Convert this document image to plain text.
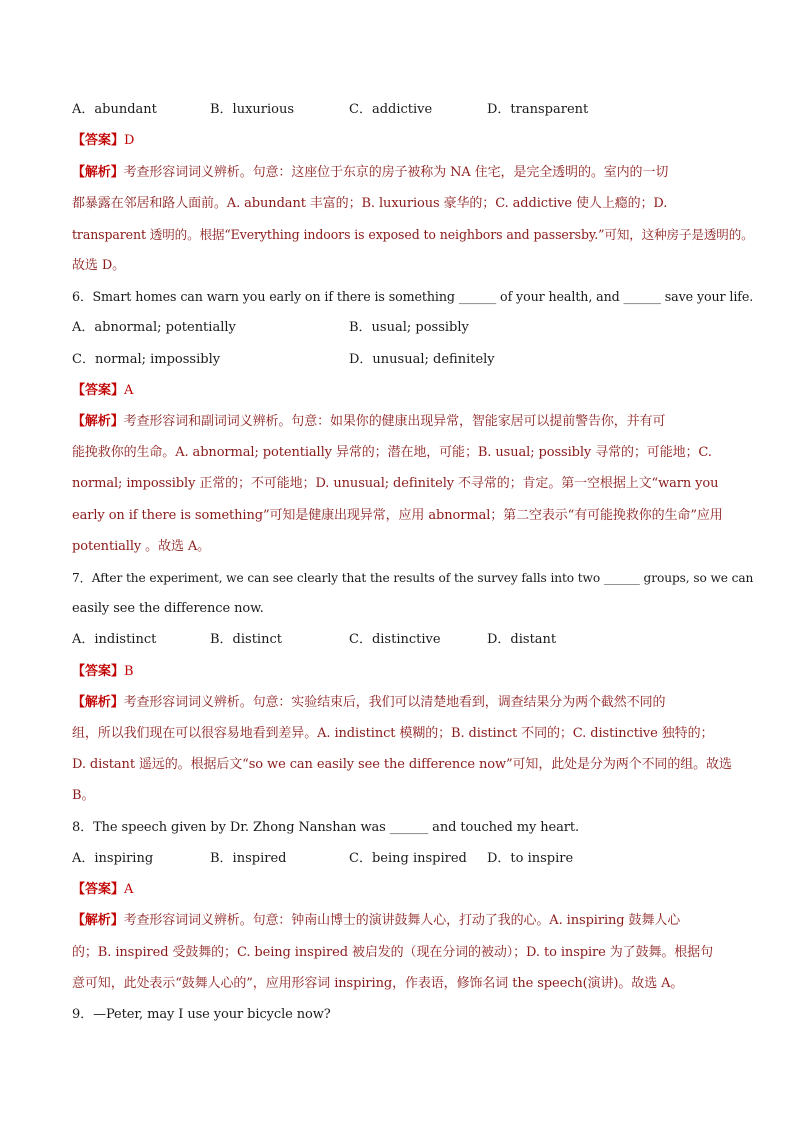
A．abundant	B．luxurious	C．addictive	D．transparent
【答案】D
【解析】考查形容词词义辨析。句意：这座位于东京的房子被称为 NA 住宅，是完全透明的。室内的一切
都暴露在邻居和路人面前。A. abundant 丰富的；B. luxurious 豪华的；C. addictive 使人上瘾的；D.
transparent 透明的。根据“Everything indoors is exposed to neighbors and passersby.”可知，这种房子是透明的。
故选 D。
6．Smart homes can warn you early on if there is something ______ of your health, and ______ save your life.
A．abnormal; potentially	B．usual; possibly
C．normal; impossibly	D．unusual; definitely
【答案】A
【解析】考查形容词和副词词义辨析。句意：如果你的健康出现异常，智能家居可以提前警告你，并有可
能挽救你的生命。A. abnormal; potentially 异常的；潜在地，可能；B. usual; possibly 寻常的；可能地；C.
normal; impossibly 正常的；不可能地；D. unusual; definitely 不寻常的；肯定。第一空根据上文“warn you
early on if there is something”可知是健康出现异常，应用 abnormal；第二空表示“有可能挽救你的生命”应用
potentially 。故选 A。
7．After the experiment, we can see clearly that the results of the survey falls into two ______ groups, so we can
easily see the difference now.
A．indistinct	B．distinct	C．distinctive	D．distant
【答案】B
【解析】考查形容词词义辨析。句意：实验结束后，我们可以清楚地看到，调查结果分为两个截然不同的
组，所以我们现在可以很容易地看到差异。A. indistinct 模糊的；B. distinct 不同的；C. distinctive 独特的；
D. distant 遥远的。根据后文“so we can easily see the difference now”可知，此处是分为两个不同的组。故选
B。
8．The speech given by Dr. Zhong Nanshan was ______ and touched my heart.
A．inspiring	B．inspired	C．being inspired D．to inspire
【答案】A
【解析】考查形容词词义辨析。句意：钟南山博士的演讲鼓舞人心，打动了我的心。A. inspiring 鼓舞人心
的；B. inspired 受鼓舞的；C. being inspired 被启发的（现在分词的被动）；D. to inspire 为了鼓舞。根据句
意可知，此处表示“鼓舞人心的”，应用形容词 inspiring，作表语，修饰名词 the speech(演讲)。故选 A。
9．—Peter, may I use your bicycle now?
